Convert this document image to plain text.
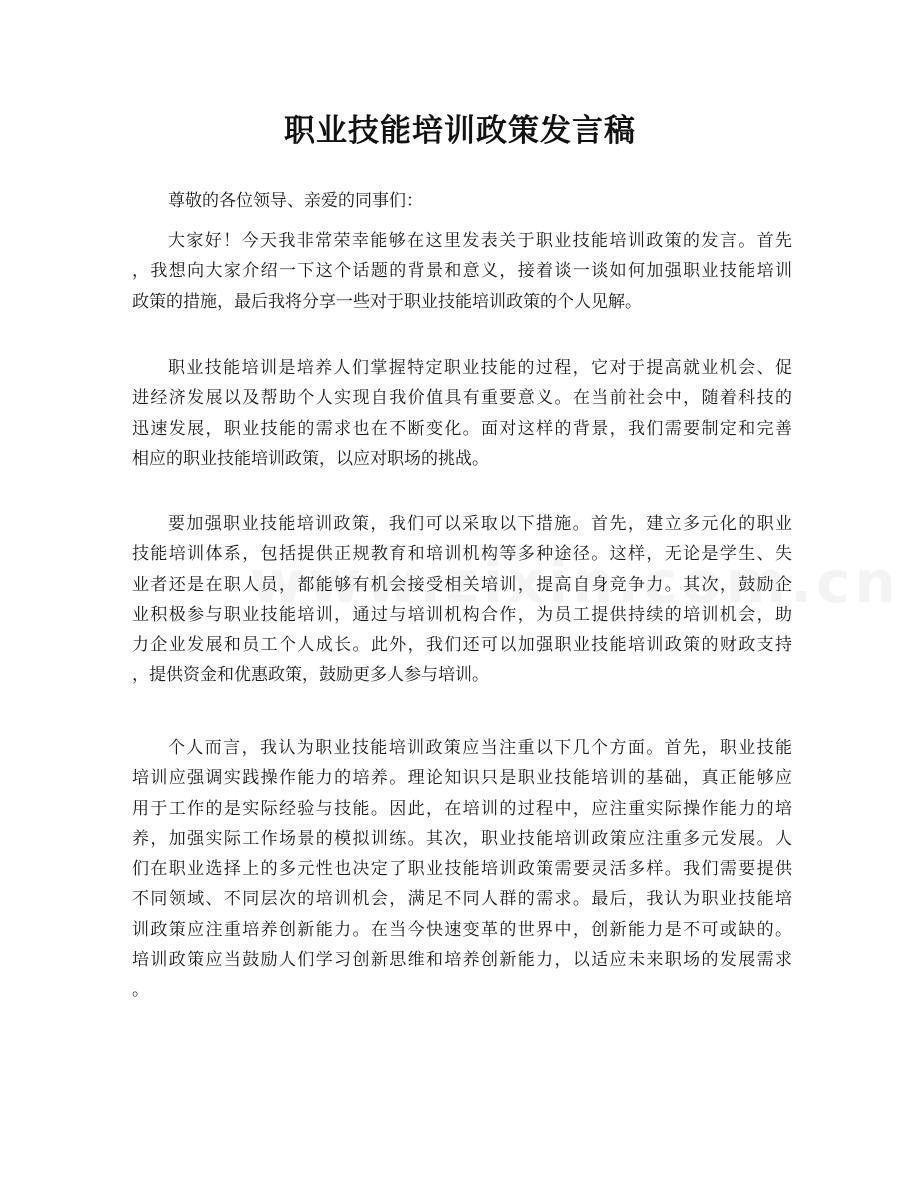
职业技能培训政策发言稿
尊敬的各位领导、亲爱的同事们：
大家好！今天我非常荣幸能够在这里发表关于职业技能培训政策的发言。首先
，我想向大家介绍一下这个话题的背景和意义，接着谈一谈如何加强职业技能培训
政策的措施，最后我将分享一些对于职业技能培训政策的个人见解。
职业技能培训是培养人们掌握特定职业技能的过程，它对于提高就业机会、促
进经济发展以及帮助个人实现自我价值具有重要意义。在当前社会中，随着科技的
迅速发展，职业技能的需求也在不断变化。面对这样的背景，我们需要制定和完善
相应的职业技能培训政策，以应对职场的挑战。
要加强职业技能培训政策，我们可以采取以下措施。首先，建立多元化的职业
技能培训体系，包括提供正规教育和培训机构等多种途径。这样，无论是学生、失
业者还是在职人员，都能够有机会接受相关培训，提高自身竞争力。其次，鼓励企
业积极参与职业技能培训，通过与培训机构合作，为员工提供持续的培训机会，助
力企业发展和员工个人成长。此外，我们还可以加强职业技能培训政策的财政支持
，提供资金和优惠政策，鼓励更多人参与培训。
个人而言，我认为职业技能培训政策应当注重以下几个方面。首先，职业技能
培训应强调实践操作能力的培养。理论知识只是职业技能培训的基础，真正能够应
用于工作的是实际经验与技能。因此，在培训的过程中，应注重实际操作能力的培
养，加强实际工作场景的模拟训练。其次，职业技能培训政策应注重多元发展。人
们在职业选择上的多元性也决定了职业技能培训政策需要灵活多样。我们需要提供
不同领域、不同层次的培训机会，满足不同人群的需求。最后，我认为职业技能培
训政策应注重培养创新能力。在当今快速变革的世界中，创新能力是不可或缺的。
培训政策应当鼓励人们学习创新思维和培养创新能力，以适应未来职场的发展需求
。
